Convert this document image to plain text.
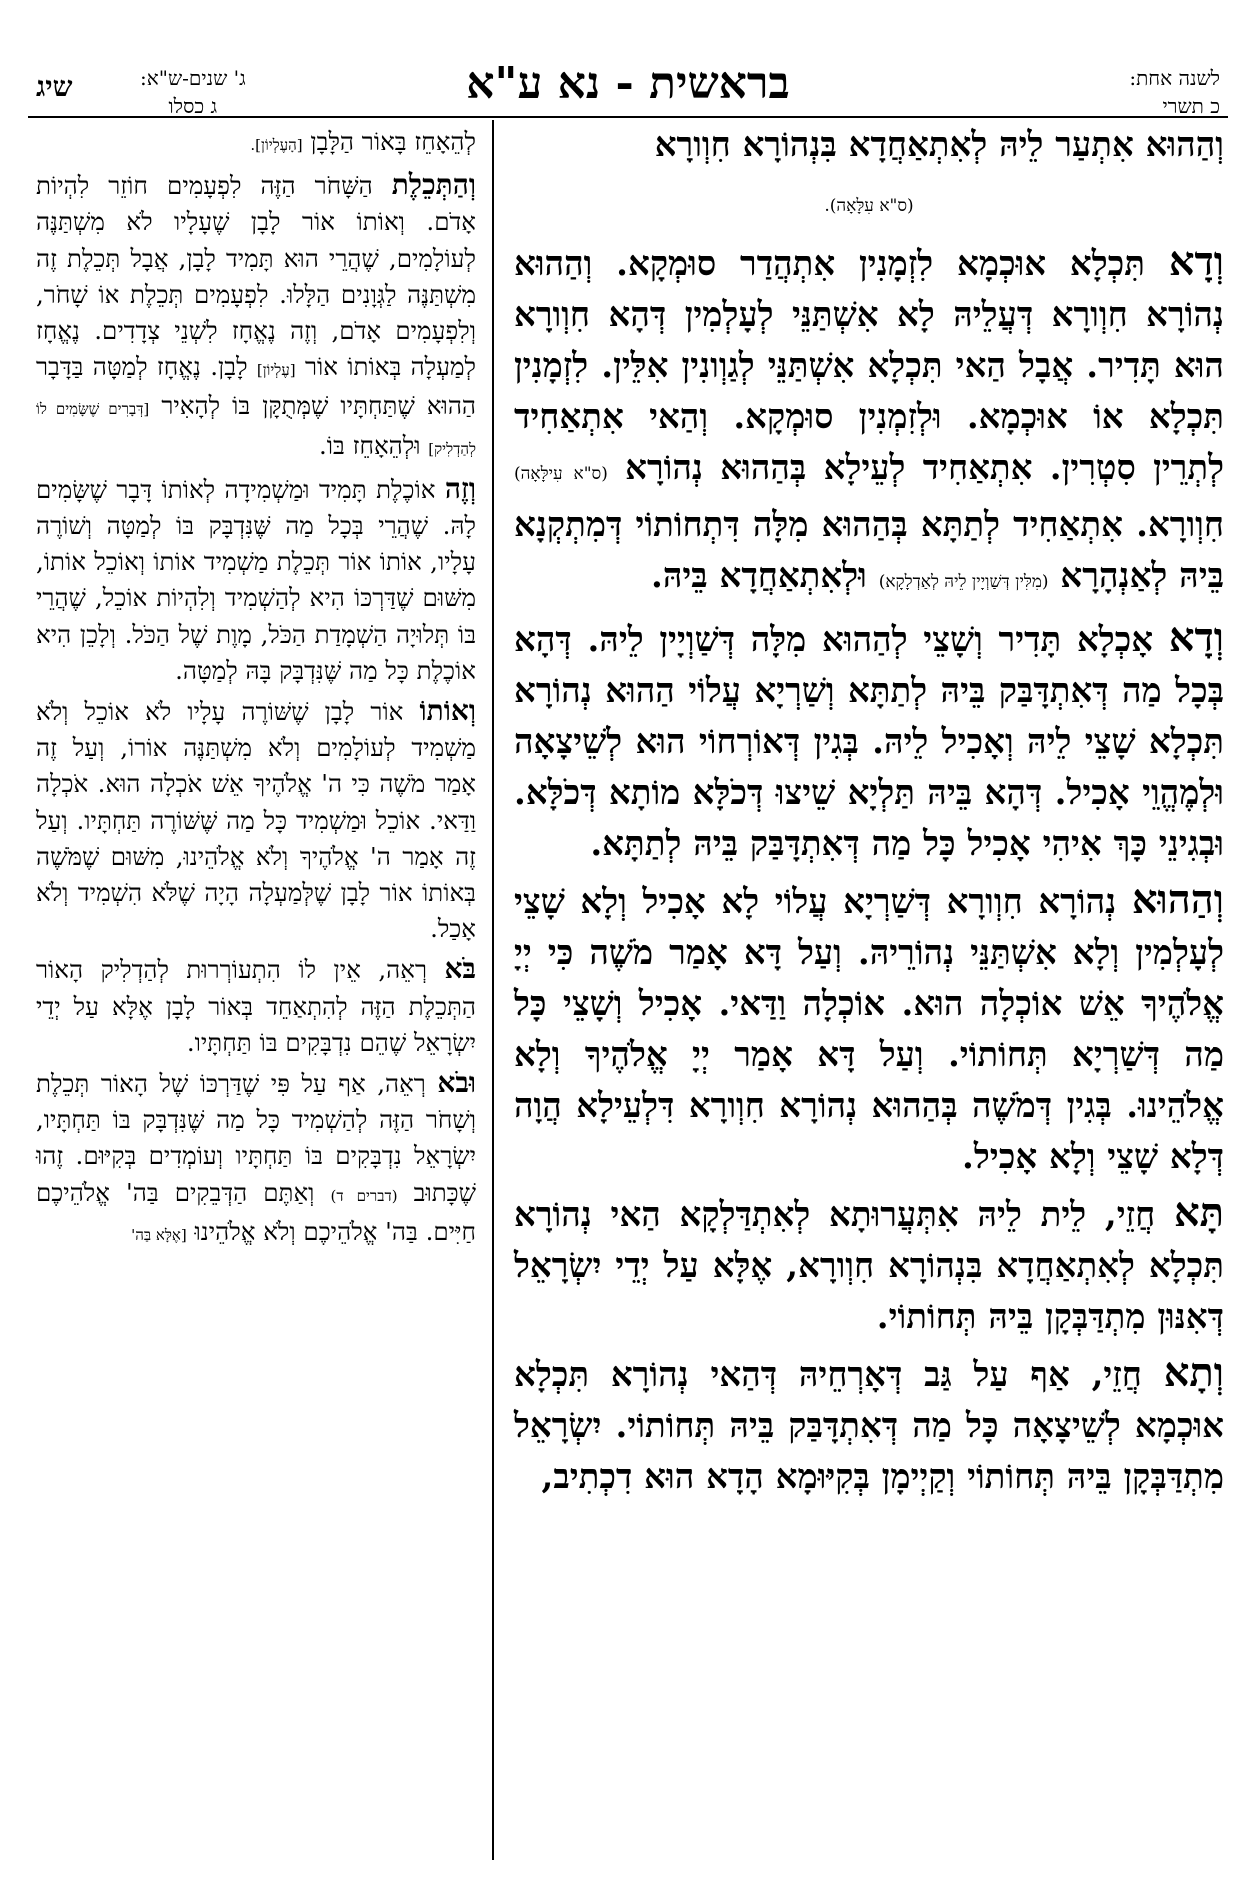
לשנה אחת:
כ תשרי
בראשית - נא ע"א
ג' שנים-ש"א:
ג כסלו
שיג

וְהַהוּא אִתְעַר לֵיהּ לְאִתְאַחֲדָא בִּנְהוֹרָא חִוְורָא

(ס"א עִלָּאָה).

וְדָא תִּכְלָא אוּכְמָא לִזְמָנִין אִתְהֲדַר סוּמְקָא. וְהַהוּא נְהוֹרָא חִוְורָא דְּעֲלֵיהּ לָא אִשְׁתַּנֵּי לְעָלְמִין דְּהָא חִוְורָא הוּא תָּדִיר. אֲבָל הַאי תִּכְלָא אִשְׁתַּנֵּי לְגַוְונִין אִלֵּין. לִזְמָנִין תִּכְלָא אוֹ אוּכְמָא. וּלְזִמְנִין סוּמְקָא. וְהַאי אִתְאַחִיד לְתְרֵין סִטְרִין. אִתְאַחִיד לְעֵילָא בְּהַהוּא נְהוֹרָא (ס"א עִילָּאָה) חִוְורָא. אִתְאַחִיד לְתַתָּא בְּהַהוּא מִלָּה דִּתְחוֹתוֹי דְּמִתְקְנָא בֵּיהּ לְאַנְהָרָא (מִלִּין דְּשַׁוְיָין לֵיהּ לְאַדְלָקָא) וּלְאִתְאַחֲדָא בֵּיהּ.

וְדָא אָכְלָא תָּדִיר וְשָׁצֵי לְהַהוּא מִלָּה דְּשַׁוְיָין לֵיהּ. דְּהָא בְּכָל מַה דְּאִתְדָּבַּק בֵּיהּ לְתַתָּא וְשַׁרְיָא עֲלוֹי הַהוּא נְהוֹרָא תִּכְלָא שָׁצֵי לֵיהּ וְאָכִיל לֵיהּ. בְּגִין דְּאוֹרְחוֹי הוּא לְשֵׁיצָאָה וּלְמֶהֱוֵי אָכִיל. דְּהָא בֵּיהּ תַּלְיָא שֵׁיצוּ דְּכֹלָּא מוֹתָא דְּכֹלָּא. וּבְגִינֵי כָּךְ אִיהִי אָכִיל כָּל מַה דְּאִתְדָּבַּק בֵּיהּ לְתַתָּא.

וְהַהוּא נְהוֹרָא חִוְורָא דְּשַׁרְיָא עֲלוֹי לָא אָכִיל וְלָא שָׁצֵי לְעָלְמִין וְלָא אִשְׁתַּנֵּי נְהוֹרֵיהּ. וְעַל דָּא אָמַר מֹשֶׁה כִּי יְיָ אֱלֹהֶיךָ אֵשׁ אוֹכְלָה הוּא. אוֹכְלָה וַדַּאי. אָכִיל וְשָׁצֵי כָּל מַה דְּשַׁרְיָא תְּחוֹתוֹי. וְעַל דָּא אָמַר יְיָ אֱלֹהֶיךָ וְלָא אֱלֹהֵינוּ. בְּגִין דְּמֹשֶׁה בְּהַהוּא נְהוֹרָא חִוְורָא דִּלְעֵילָא הֲוָה דְּלָא שָׁצֵי וְלָא אָכִיל.

תָּא חֲזֵי, לֵית לֵיהּ אִתְּעֲרוּתָא לְאִתְדַּלְקָא הַאי נְהוֹרָא תִּכְלָא לְאִתְאַחֲדָא בִּנְהוֹרָא חִוְורָא, אֶלָּא עַל יְדֵי יִשְׂרָאֵל דְּאִנּוּן מִתְדַּבְּקָן בֵּיהּ תְּחוֹתוֹי.

וְתָא חֲזֵי, אַף עַל גַּב דְּאָרְחֵיהּ דְּהַאי נְהוֹרָא תִּכְלָא אוּכְמָא לְשֵׁיצָאָה כָּל מַה דְּאִתְדָּבַּק בֵּיהּ תְּחוֹתוֹי. יִשְׂרָאֵל מִתְדַּבְּקָן בֵּיהּ תְּחוֹתוֹי וְקַיְימָן בְּקִיּוּמָא הָדָא הוּא דִכְתִיב,

לְהֵאָחֵז בָּאוֹר הַלָּבָן [הָעֶלְיוֹן].

וְהַתְּכֵלֶת הַשָּׁחֹר הַזֶּה לִפְעָמִים חוֹזֵר לִהְיוֹת אָדֹם. וְאוֹתוֹ אוֹר לָבָן שֶׁעָלָיו לֹא מִשְׁתַּנֶּה לְעוֹלָמִים, שֶׁהֲרֵי הוּא תָּמִיד לָבָן, אֲבָל תְּכֵלֶת זֶה מִשְׁתַּנֶּה לַגְּוָנִים הַלָּלוּ. לִפְעָמִים תְּכֵלֶת אוֹ שָׁחֹר, וְלִפְעָמִים אָדֹם, וְזֶה נֶאֱחָז לִשְׁנֵי צְדָדִים. נֶאֱחָז לְמַעְלָה בְּאוֹתוֹ אוֹר [עֶלְיוֹן] לָבָן. נֶאֱחָז לְמַטָּה בַּדָּבָר הַהוּא שֶׁתַּחְתָּיו שֶׁמְּתֻקָּן בּוֹ לְהָאִיר [דְּבָרִים שֶׁשָּׂמִים לוֹ לְהַדְלִיק] וּלְהֵאָחֵז בּוֹ.

וְזֶה אוֹכֶלֶת תָּמִיד וּמַשְׁמִידָה לְאוֹתוֹ דָּבָר שֶׁשָּׂמִים לָהּ. שֶׁהֲרֵי בְּכָל מַה שֶּׁנִּדְבָּק בּוֹ לְמַטָּה וְשׁוֹרֶה עָלָיו, אוֹתוֹ אוֹר תְּכֵלֶת מַשְׁמִיד אוֹתוֹ וְאוֹכֵל אוֹתוֹ, מִשּׁוּם שֶׁדַּרְכּוֹ הִיא לְהַשְׁמִיד וְלִהְיוֹת אוֹכֵל, שֶׁהֲרֵי בּוֹ תְּלוּיָה הַשְׁמָדַת הַכֹּל, מָוֶת שֶׁל הַכֹּל. וְלָכֵן הִיא אוֹכֶלֶת כָּל מַה שֶּׁנִּדְבָּק בָּהּ לְמַטָּה.

וְאוֹתוֹ אוֹר לָבָן שֶׁשּׁוֹרֶה עָלָיו לֹא אוֹכֵל וְלֹא מַשְׁמִיד לְעוֹלָמִים וְלֹא מִשְׁתַּנֶּה אוֹרוֹ, וְעַל זֶה אָמַר מֹשֶׁה כִּי ה' אֱלֹהֶיךָ אֵשׁ אֹכְלָה הוּא. אֹכְלָה וַדַּאי. אוֹכֵל וּמַשְׁמִיד כָּל מַה שֶּׁשּׁוֹרֶה תַּחְתָּיו. וְעַל זֶה אָמַר ה' אֱלֹהֶיךָ וְלֹא אֱלֹהֵינוּ, מִשּׁוּם שֶׁמֹּשֶׁה בְּאוֹתוֹ אוֹר לָבָן שֶׁלְּמַעְלָה הָיָה שֶׁלֹּא הִשְׁמִיד וְלֹא אָכַל.

בֹּא רְאֵה, אֵין לוֹ הִתְעוֹרְרוּת לְהַדְלִיק הָאוֹר הַתְּכֵלֶת הַזֶּה לְהִתְאַחֵד בְּאוֹר לָבָן אֶלָּא עַל יְדֵי יִשְׂרָאֵל שֶׁהֵם נִדְבָּקִים בּוֹ תַּחְתָּיו.

וּבֹא רְאֵה, אַף עַל פִּי שֶׁדַּרְכּוֹ שֶׁל הָאוֹר תְּכֵלֶת וְשָׁחֹר הַזֶּה לְהַשְׁמִיד כָּל מַה שֶּׁנִּדְבָּק בּוֹ תַּחְתָּיו, יִשְׂרָאֵל נִדְבָּקִים בּוֹ תַּחְתָּיו וְעוֹמְדִים בְּקִיּוּם. זֶהוּ שֶׁכָּתוּב (דברים ד) וְאַתֶּם הַדְּבֵקִים בַּה' אֱלֹהֵיכֶם חַיִּים. בַּה' אֱלֹהֵיכֶם וְלֹא אֱלֹהֵינוּ [אֶלָּא בַּה'
